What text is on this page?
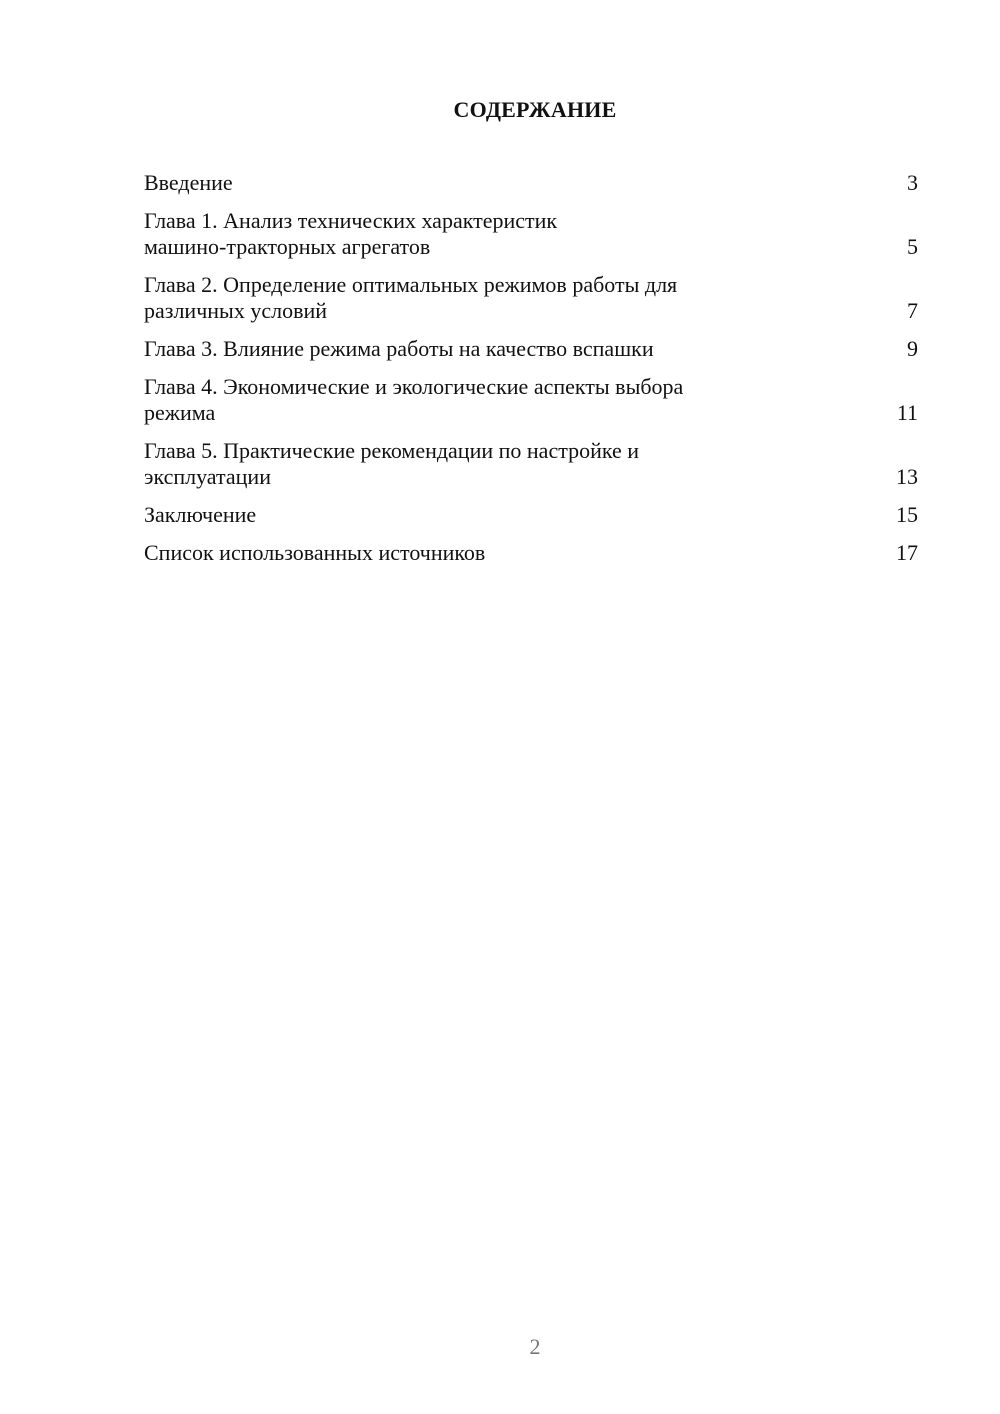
СОДЕРЖАНИЕ
Введение	3
Глава 1. Анализ технических характеристик
машино-тракторных агрегатов	5
Глава 2. Определение оптимальных режимов работы для
различных условий	7
Глава 3. Влияние режима работы на качество вспашки	9
Глава 4. Экономические и экологические аспекты выбора
режима	11
Глава 5. Практические рекомендации по настройке и
эксплуатации	13
Заключение	15
Список использованных источников	17
2
